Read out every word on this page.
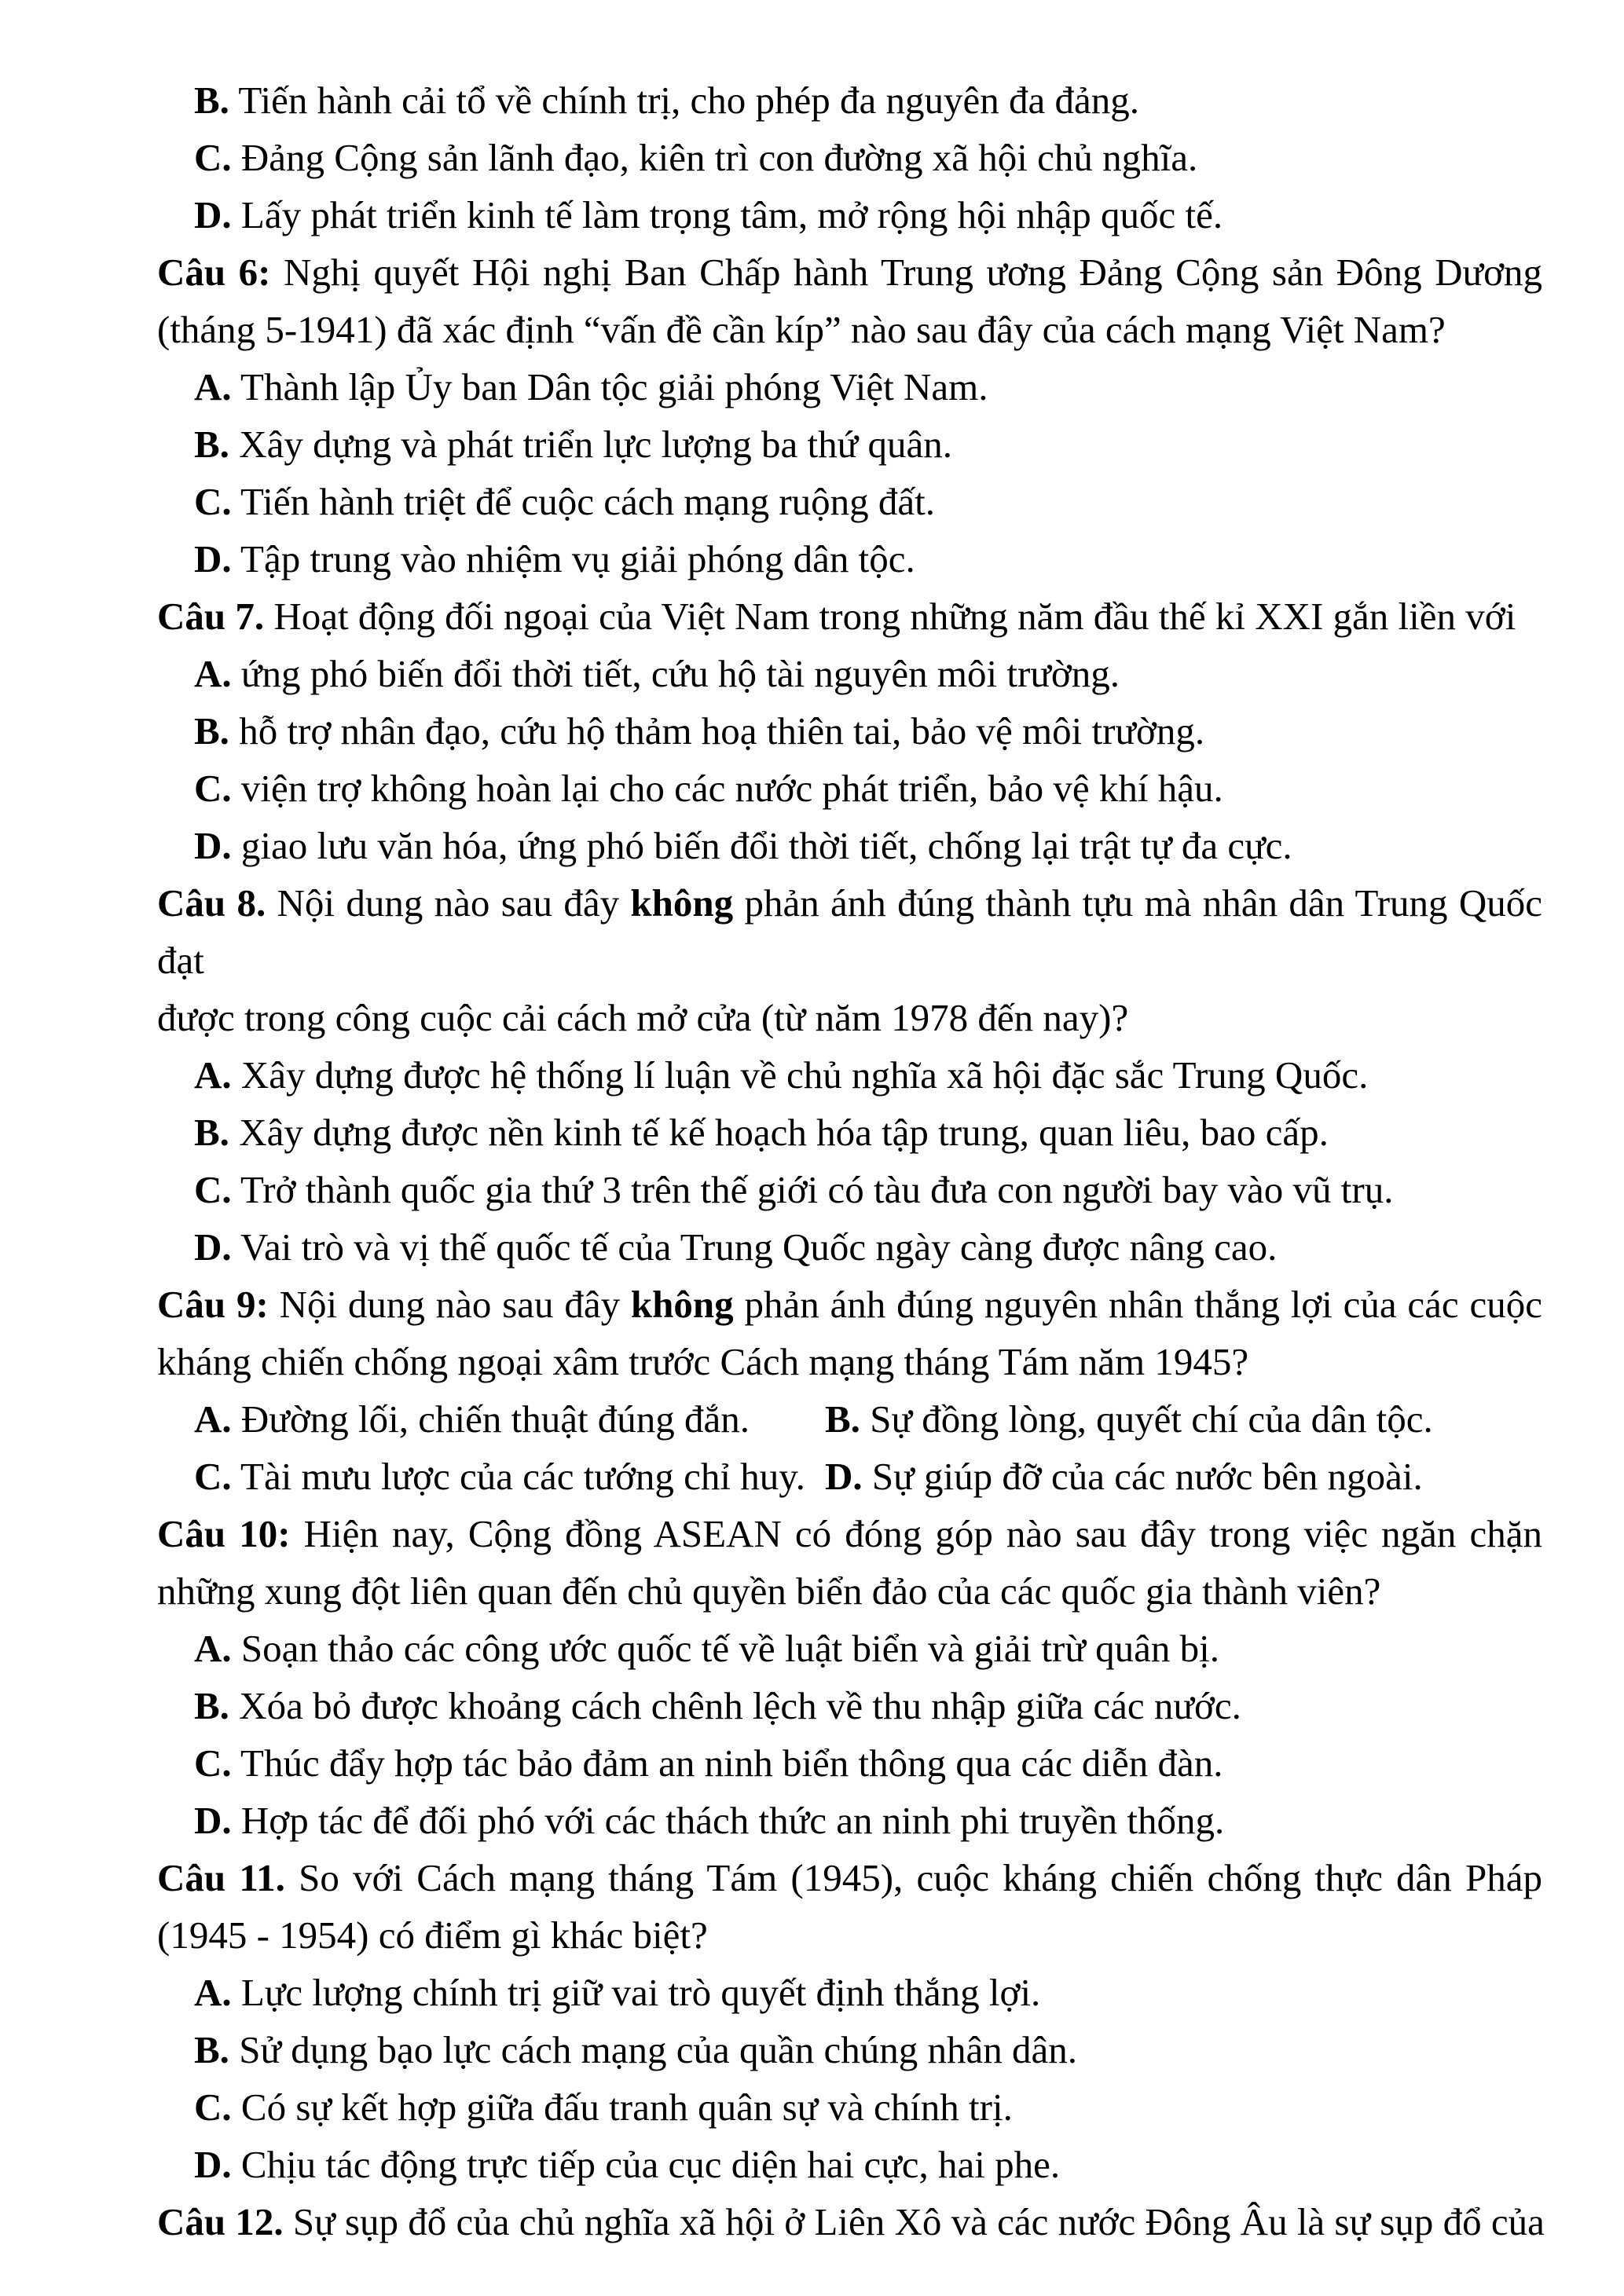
B. Tiến hành cải tổ về chính trị, cho phép đa nguyên đa đảng.
C. Đảng Cộng sản lãnh đạo, kiên trì con đường xã hội chủ nghĩa.
D. Lấy phát triển kinh tế làm trọng tâm, mở rộng hội nhập quốc tế.
Câu 6: Nghị quyết Hội nghị Ban Chấp hành Trung ương Đảng Cộng sản Đông Dương
(tháng 5-1941) đã xác định “vấn đề cần kíp” nào sau đây của cách mạng Việt Nam?
A. Thành lập Ủy ban Dân tộc giải phóng Việt Nam.
B. Xây dựng và phát triển lực lượng ba thứ quân.
C. Tiến hành triệt để cuộc cách mạng ruộng đất.
D. Tập trung vào nhiệm vụ giải phóng dân tộc.
Câu 7. Hoạt động đối ngoại của Việt Nam trong những năm đầu thế kỉ XXI gắn liền với
A. ứng phó biến đổi thời tiết, cứu hộ tài nguyên môi trường.
B. hỗ trợ nhân đạo, cứu hộ thảm hoạ thiên tai, bảo vệ môi trường.
C. viện trợ không hoàn lại cho các nước phát triển, bảo vệ khí hậu.
D. giao lưu văn hóa, ứng phó biến đổi thời tiết, chống lại trật tự đa cực.
Câu 8. Nội dung nào sau đây không phản ánh đúng thành tựu mà nhân dân Trung Quốc đạt
được trong công cuộc cải cách mở cửa (từ năm 1978 đến nay)?
A. Xây dựng được hệ thống lí luận về chủ nghĩa xã hội đặc sắc Trung Quốc.
B. Xây dựng được nền kinh tế kế hoạch hóa tập trung, quan liêu, bao cấp.
C. Trở thành quốc gia thứ 3 trên thế giới có tàu đưa con người bay vào vũ trụ.
D. Vai trò và vị thế quốc tế của Trung Quốc ngày càng được nâng cao.
Câu 9: Nội dung nào sau đây không phản ánh đúng nguyên nhân thắng lợi của các cuộc
kháng chiến chống ngoại xâm trước Cách mạng tháng Tám năm 1945?
A. Đường lối, chiến thuật đúng đắn.	B. Sự đồng lòng, quyết chí của dân tộc.
C. Tài mưu lược của các tướng chỉ huy. D. Sự giúp đỡ của các nước bên ngoài.
Câu 10: Hiện nay, Cộng đồng ASEAN có đóng góp nào sau đây trong việc ngăn chặn
những xung đột liên quan đến chủ quyền biển đảo của các quốc gia thành viên?
A. Soạn thảo các công ước quốc tế về luật biển và giải trừ quân bị.
B. Xóa bỏ được khoảng cách chênh lệch về thu nhập giữa các nước.
C. Thúc đẩy hợp tác bảo đảm an ninh biển thông qua các diễn đàn.
D. Hợp tác để đối phó với các thách thức an ninh phi truyền thống.
Câu 11. So với Cách mạng tháng Tám (1945), cuộc kháng chiến chống thực dân Pháp
(1945 - 1954) có điểm gì khác biệt?
A. Lực lượng chính trị giữ vai trò quyết định thắng lợi.
B. Sử dụng bạo lực cách mạng của quần chúng nhân dân.
C. Có sự kết hợp giữa đấu tranh quân sự và chính trị.
D. Chịu tác động trực tiếp của cục diện hai cực, hai phe.
Câu 12. Sự sụp đổ của chủ nghĩa xã hội ở Liên Xô và các nước Đông Âu là sự sụp đổ của
